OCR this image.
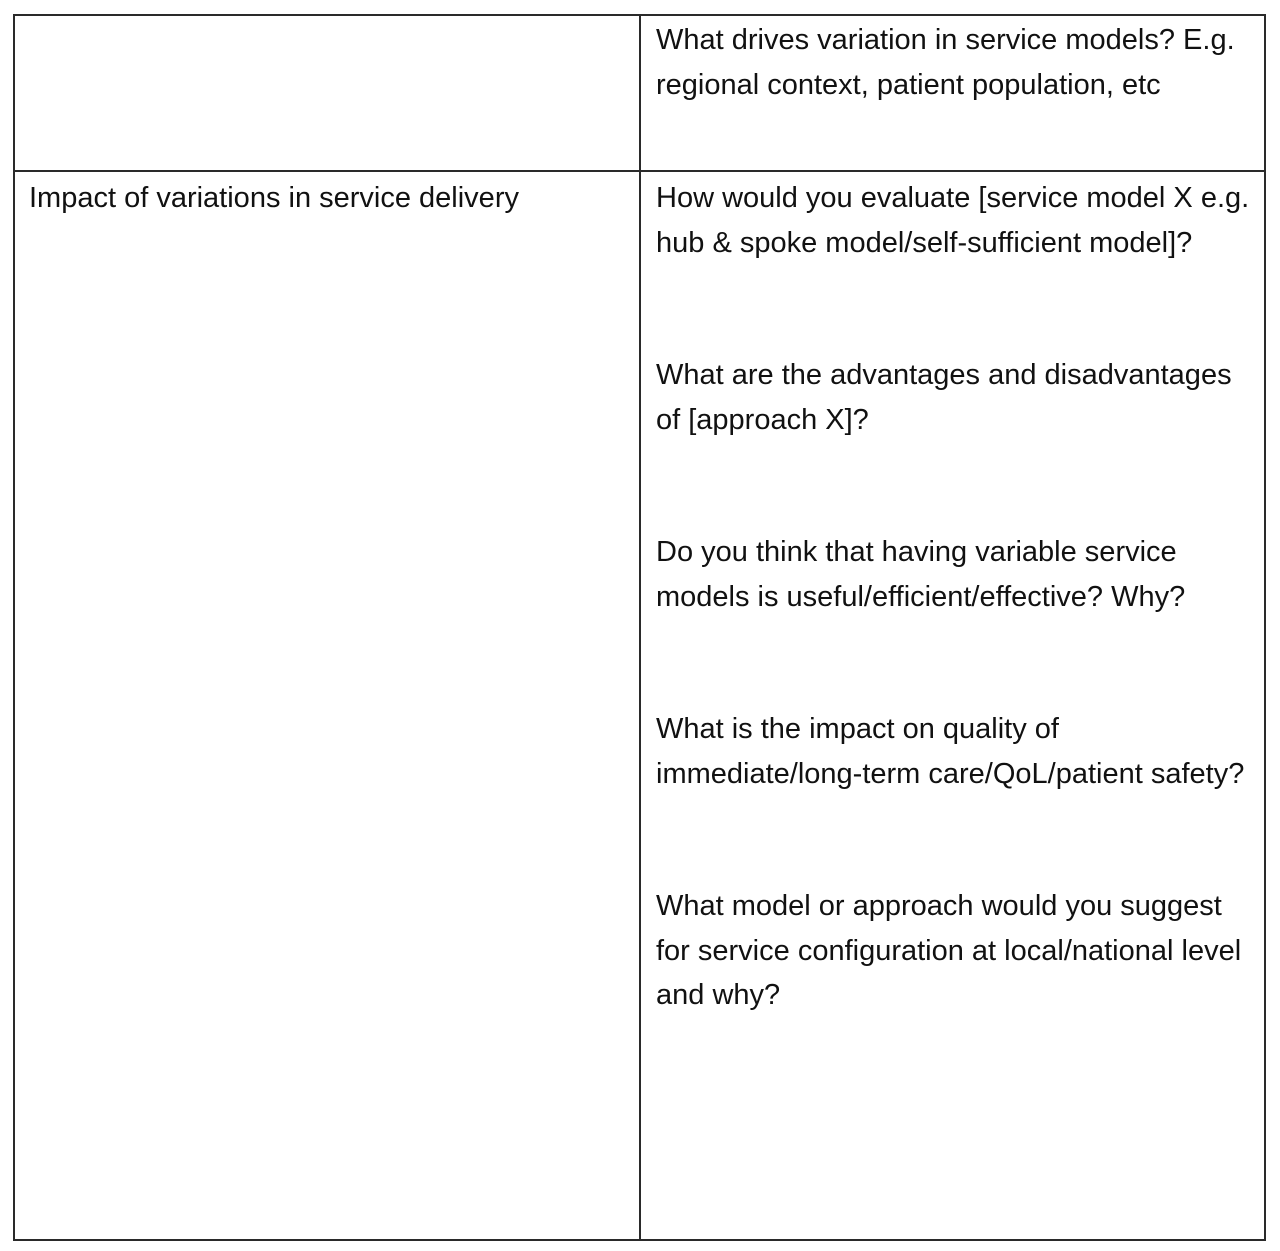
What drives variation in service models? E.g. regional context, patient population, etc

Impact of variations in service delivery	How would you evaluate [service model X e.g. hub & spoke model/self-sufficient model]?

What are the advantages and disadvantages of [approach X]?

Do you think that having variable service models is useful/efficient/effective? Why?

What is the impact on quality of immediate/long-term care/QoL/patient safety?

What model or approach would you suggest for service configuration at local/national level and why?
